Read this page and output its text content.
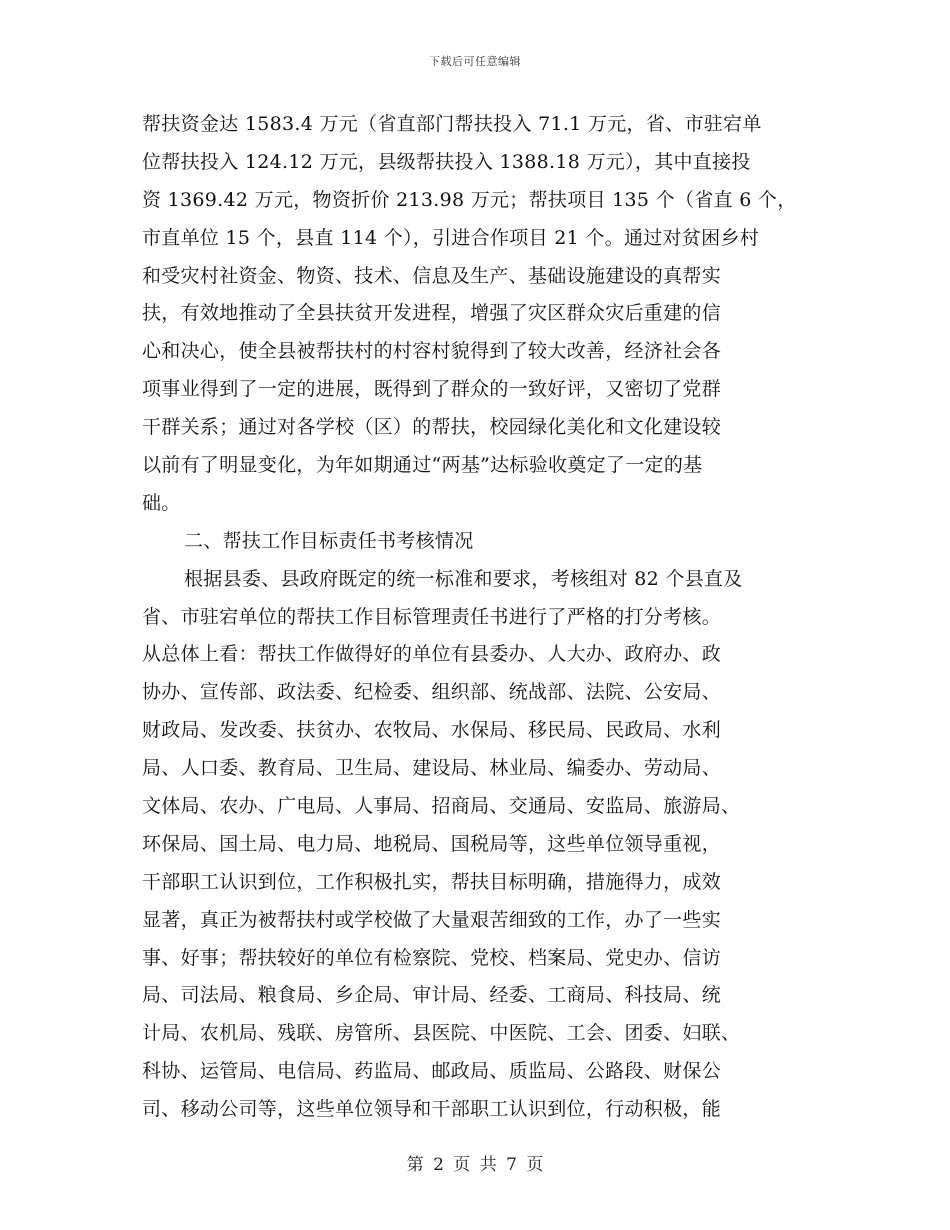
下载后可任意编辑
帮扶资金达 1583.4 万元（省直部门帮扶投入 71.1 万元，省、市驻宕单
位帮扶投入 124.12 万元，县级帮扶投入 1388.18 万元），其中直接投
资 1369.42 万元，物资折价 213.98 万元；帮扶项目 135 个（省直 6 个，
市直单位 15 个，县直 114 个），引进合作项目 21 个。通过对贫困乡村
和受灾村社资金、物资、技术、信息及生产、基础设施建设的真帮实
扶，有效地推动了全县扶贫开发进程，增强了灾区群众灾后重建的信
心和决心，使全县被帮扶村的村容村貌得到了较大改善，经济社会各
项事业得到了一定的进展，既得到了群众的一致好评，又密切了党群
干群关系；通过对各学校（区）的帮扶，校园绿化美化和文化建设较
以前有了明显变化，为年如期通过“两基”达标验收奠定了一定的基
础。
二、帮扶工作目标责任书考核情况
根据县委、县政府既定的统一标准和要求，考核组对 82 个县直及
省、市驻宕单位的帮扶工作目标管理责任书进行了严格的打分考核。
从总体上看：帮扶工作做得好的单位有县委办、人大办、政府办、政
协办、宣传部、政法委、纪检委、组织部、统战部、法院、公安局、
财政局、发改委、扶贫办、农牧局、水保局、移民局、民政局、水利
局、人口委、教育局、卫生局、建设局、林业局、编委办、劳动局、
文体局、农办、广电局、人事局、招商局、交通局、安监局、旅游局、
环保局、国土局、电力局、地税局、国税局等，这些单位领导重视，
干部职工认识到位，工作积极扎实，帮扶目标明确，措施得力，成效
显著，真正为被帮扶村或学校做了大量艰苦细致的工作，办了一些实
事、好事；帮扶较好的单位有检察院、党校、档案局、党史办、信访
局、司法局、粮食局、乡企局、审计局、经委、工商局、科技局、统
计局、农机局、残联、房管所、县医院、中医院、工会、团委、妇联、
科协、运管局、电信局、药监局、邮政局、质监局、公路段、财保公
司、移动公司等，这些单位领导和干部职工认识到位，行动积极，能
第 2 页 共 7 页
